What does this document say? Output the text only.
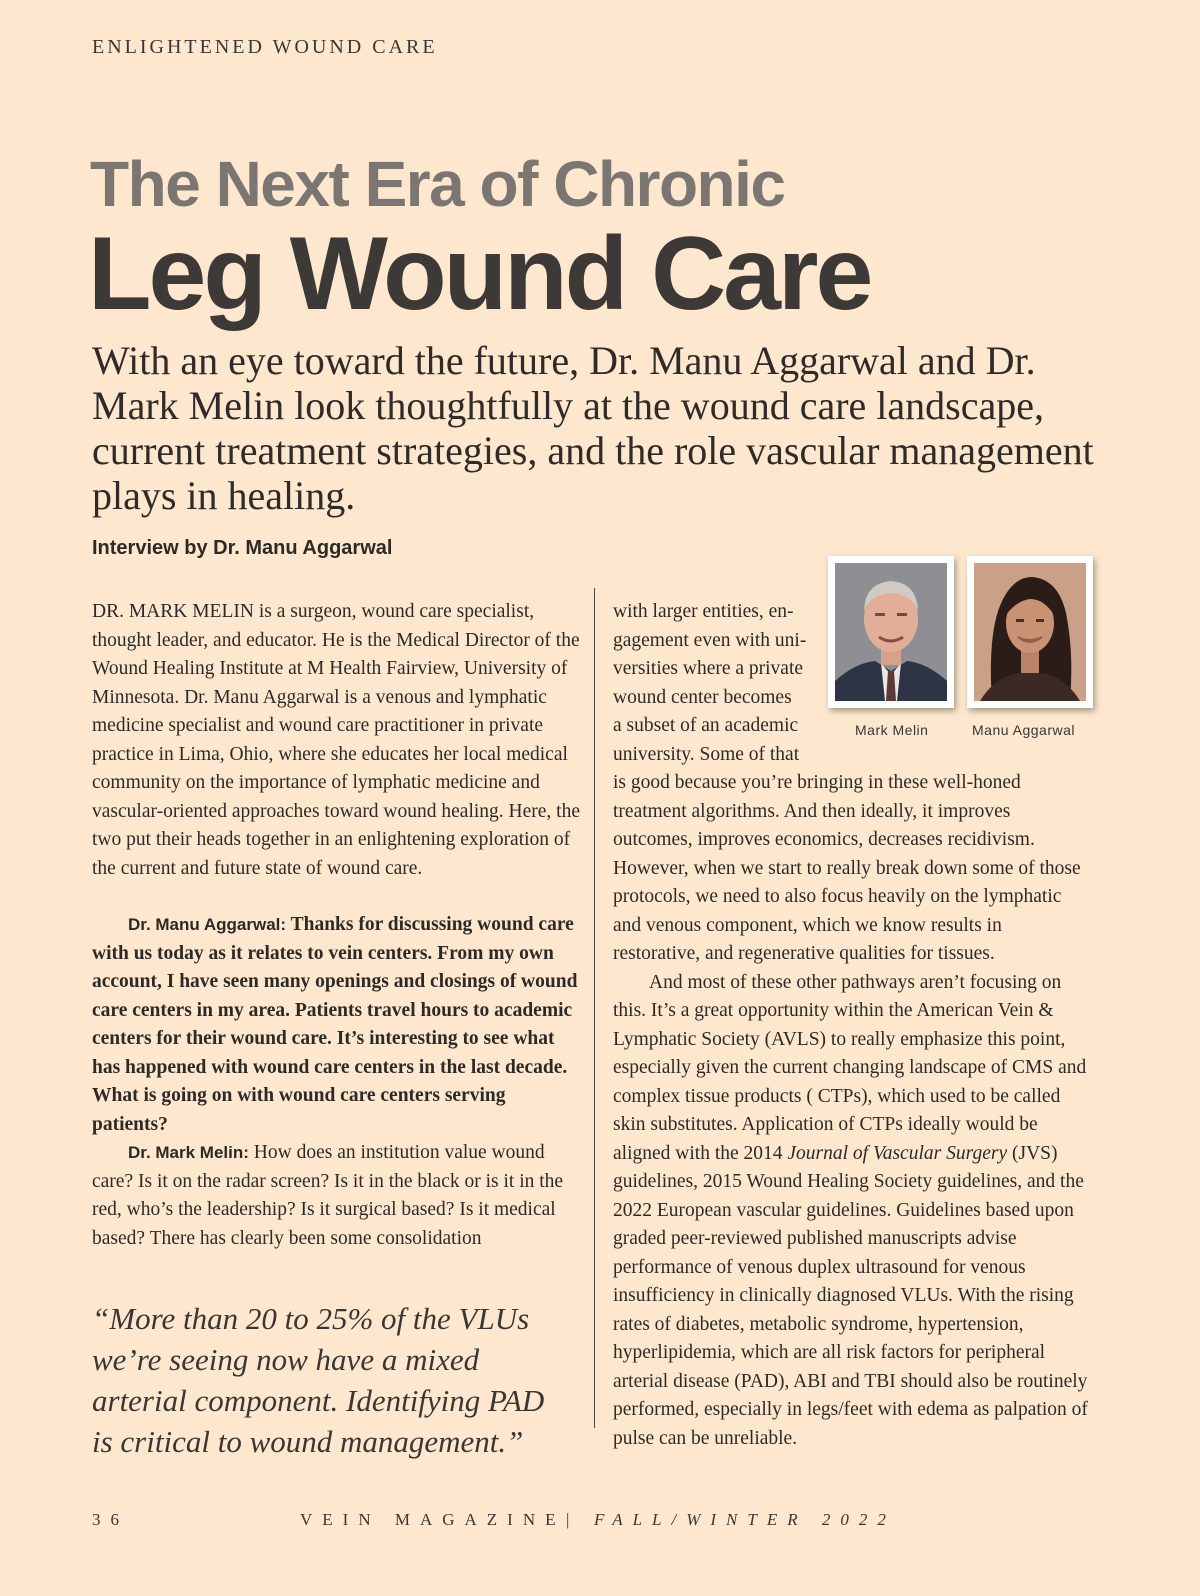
ENLIGHTENED WOUND CARE
The Next Era of Chronic
Leg Wound Care
With an eye toward the future, Dr. Manu Aggarwal and Dr. Mark Melin look thoughtfully at the wound care landscape, current treatment strategies, and the role vascular management plays in healing.
Interview by Dr. Manu Aggarwal

DR. MARK MELIN is a surgeon, wound care specialist, thought leader, and educator. He is the Medical Director of the Wound Healing Institute at M Health Fairview, University of Minnesota. Dr. Manu Aggarwal is a venous and lymphatic medicine specialist and wound care practitioner in private practice in Lima, Ohio, where she educates her local medical community on the importance of lymphatic medicine and vascular-oriented approaches toward wound healing. Here, the two put their heads together in an enlightening exploration of the current and future state of wound care.

Dr. Manu Aggarwal: Thanks for discussing wound care with us today as it relates to vein centers. From my own account, I have seen many openings and closings of wound care centers in my area. Patients travel hours to academic centers for their wound care. It’s interesting to see what has happened with wound care centers in the last decade. What is going on with wound care centers serving patients?

Dr. Mark Melin: How does an institution value wound care? Is it on the radar screen? Is it in the black or is it in the red, who’s the leadership? Is it surgical based? Is it medical based? There has clearly been some consolidation

“More than 20 to 25% of the VLUs we’re seeing now have a mixed arterial component. Identifying PAD is critical to wound management.”
with larger entities, en-
gagement even with uni-
versities where a private
wound center becomes
a subset of an academic
university. Some of that
Mark Melin	Manu Aggarwal

is good because you’re bringing in these well-honed treatment algorithms. And then ideally, it improves outcomes, improves economics, decreases recidivism. However, when we start to really break down some of those protocols, we need to also focus heavily on the lymphatic and venous component, which we know results in restorative, and regenerative qualities for tissues.

And most of these other pathways aren’t focusing on this. It’s a great opportunity within the American Vein & Lymphatic Society (AVLS) to really emphasize this point, especially given the current changing landscape of CMS and complex tissue products ( CTPs), which used to be called skin substitutes. Application of CTPs ideally would be aligned with the 2014 Journal of Vascular Surgery (JVS) guidelines, 2015 Wound Healing Society guidelines, and the 2022 European vascular guidelines. Guidelines based upon graded peer-reviewed published manuscripts advise performance of venous duplex ultrasound for venous insufficiency in clinically diagnosed VLUs. With the rising rates of diabetes, metabolic syndrome, hypertension, hyperlipidemia, which are all risk factors for peripheral arterial disease (PAD), ABI and TBI should also be routinely performed, especially in legs/feet with edema as palpation of pulse can be unreliable.

36	VEIN MAGAZINE | FALL/WINTER 2022
